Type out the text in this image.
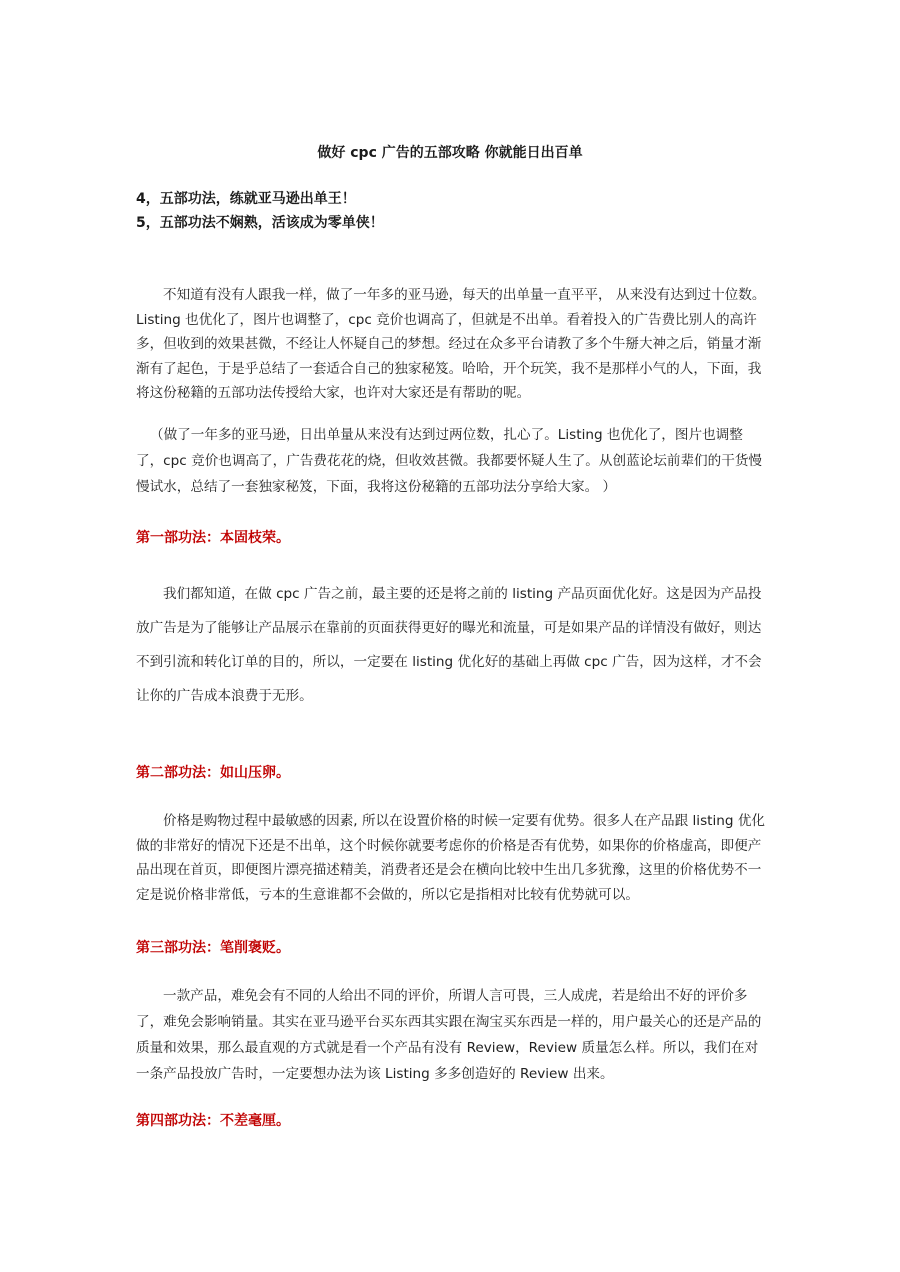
做好 cpc 广告的五部攻略 你就能日出百单

4，五部功法，练就亚马逊出单王！

5，五部功法不娴熟，活该成为零单侠！

不知道有没有人跟我一样，做了一年多的亚马逊，每天的出单量一直平平， 从来没有达到过十位数。Listing 也优化了，图片也调整了，cpc 竞价也调高了，但就是不出单。看着投入的广告费比别人的高许多，但收到的效果甚微，不经让人怀疑自己的梦想。经过在众多平台请教了多个牛掰大神之后，销量才渐渐有了起色，于是乎总结了一套适合自己的独家秘笈。哈哈，开个玩笑，我不是那样小气的人，下面，我将这份秘籍的五部功法传授给大家，也许对大家还是有帮助的呢。

（做了一年多的亚马逊，日出单量从来没有达到过两位数，扎心了。Listing 也优化了，图片也调整了，cpc 竞价也调高了，广告费花花的烧，但收效甚微。我都要怀疑人生了。从创蓝论坛前辈们的干货慢慢试水，总结了一套独家秘笈，下面，我将这份秘籍的五部功法分享给大家。 ）

第一部功法：本固枝荣。

我们都知道，在做 cpc 广告之前，最主要的还是将之前的 listing 产品页面优化好。这是因为产品投放广告是为了能够让产品展示在靠前的页面获得更好的曝光和流量，可是如果产品的详情没有做好，则达不到引流和转化订单的目的，所以，一定要在 listing 优化好的基础上再做 cpc 广告，因为这样，才不会让你的广告成本浪费于无形。

第二部功法：如山压卵。

价格是购物过程中最敏感的因素, 所以在设置价格的时候一定要有优势。很多人在产品跟 listing 优化做的非常好的情况下还是不出单，这个时候你就要考虑你的价格是否有优势，如果你的价格虚高，即便产品出现在首页，即便图片漂亮描述精美，消费者还是会在横向比较中生出几多犹豫，这里的价格优势不一定是说价格非常低，亏本的生意谁都不会做的，所以它是指相对比较有优势就可以。

第三部功法：笔削褒贬。

一款产品，难免会有不同的人给出不同的评价，所谓人言可畏，三人成虎，若是给出不好的评价多了，难免会影响销量。其实在亚马逊平台买东西其实跟在淘宝买东西是一样的，用户最关心的还是产品的质量和效果，那么最直观的方式就是看一个产品有没有 Review，Review 质量怎么样。所以，我们在对一条产品投放广告时，一定要想办法为该 Listing 多多创造好的 Review 出来。

第四部功法：不差毫厘。
